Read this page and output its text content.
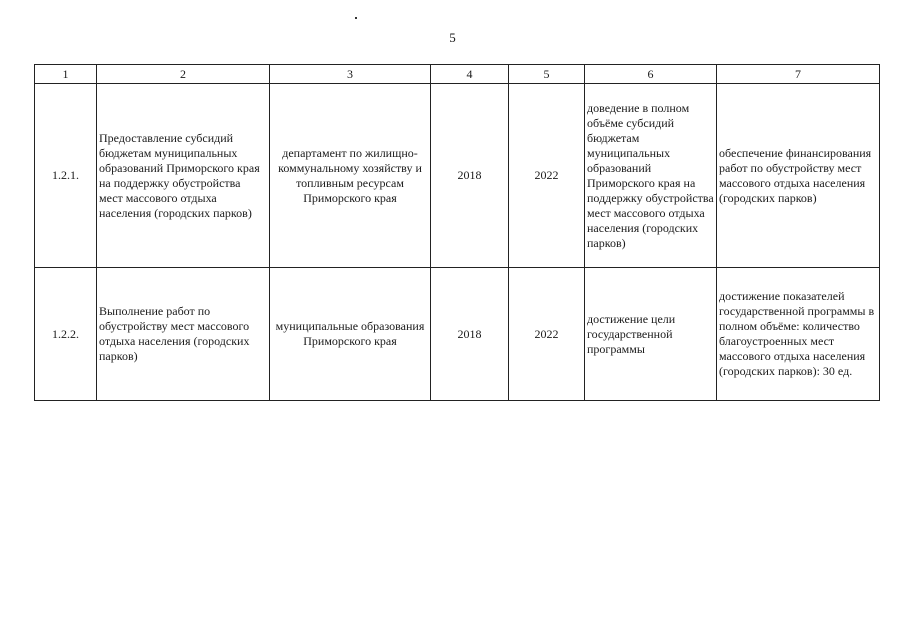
5
1	2	3	4	5	6	7
1.2.1.	Предоставление субсидий бюджетам муниципальных образований Приморского края на поддержку обустройства мест массового отдыха населения (городских парков)	департамент по жилищно-коммунальному хозяйству и топливным ресурсам Приморского края	2018	2022	доведение в полном объёме субсидий бюджетам муниципальных образований Приморского края на поддержку обустройства мест массового отдыха населения (городских парков)	обеспечение финансирования работ по обустройству мест массового отдыха населения (городских парков)
1.2.2.	Выполнение работ по обустройству мест массового отдыха населения (городских парков)	муниципальные образования Приморского края	2018	2022	достижение цели государственной программы	достижение показателей государственной программы в полном объёме: количество благоустроенных мест массового отдыха населения (городских парков): 30 ед.
